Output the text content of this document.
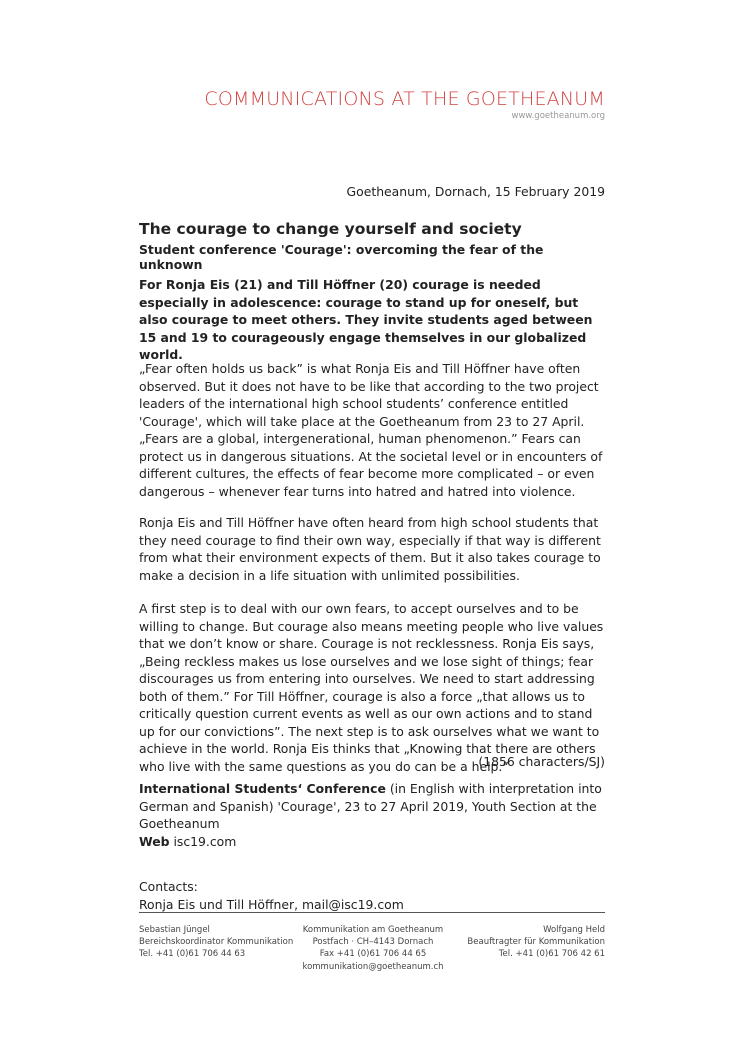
COMMUNICATIONS AT THE GOETHEANUM
www.goetheanum.org
Goetheanum, Dornach, 15 February 2019
The courage to change yourself and society
Student conference 'Courage': overcoming the fear of the unknown
For Ronja Eis (21) and Till Höffner (20) courage is needed especially in adolescence: courage to stand up for oneself, but also courage to meet others. They invite students aged between 15 and 19 to courageously engage themselves in our globalized world.
„Fear often holds us back” is what Ronja Eis and Till Höffner have often observed. But it does not have to be like that according to the two project leaders of the international high school students’ conference entitled 'Courage', which will take place at the Goetheanum from 23 to 27 April. „Fears are a global, intergenerational, human phenomenon.” Fears can protect us in dangerous situations. At the societal level or in encounters of different cultures, the effects of fear become more complicated – or even dangerous – whenever fear turns into hatred and hatred into violence.
Ronja Eis and Till Höffner have often heard from high school students that they need courage to find their own way, especially if that way is different from what their environment expects of them. But it also takes courage to make a decision in a life situation with unlimited possibilities.
A first step is to deal with our own fears, to accept ourselves and to be willing to change. But courage also means meeting people who live values that we don’t know or share. Courage is not recklessness. Ronja Eis says, „Being reckless makes us lose ourselves and we lose sight of things; fear discourages us from entering into ourselves. We need to start addressing both of them.” For Till Höffner, courage is also a force „that allows us to critically question current events as well as our own actions and to stand up for our convictions”. The next step is to ask ourselves what we want to achieve in the world. Ronja Eis thinks that „Knowing that there are others who live with the same questions as you do can be a help.”
(1856 characters/SJ)
International Students‘ Conference (in English with interpretation into German and Spanish) 'Courage', 23 to 27 April 2019, Youth Section at the Goetheanum
Web isc19.com
Contacts:
Ronja Eis und Till Höffner, mail@isc19.com
Sebastian Jüngel
Bereichskoordinator Kommunikation
Tel. +41 (0)61 706 44 63
Kommunikation am Goetheanum
Postfach · CH–4143 Dornach
Fax +41 (0)61 706 44 65
kommunikation@goetheanum.ch
Wolfgang Held
Beauftragter für Kommunikation
Tel. +41 (0)61 706 42 61
